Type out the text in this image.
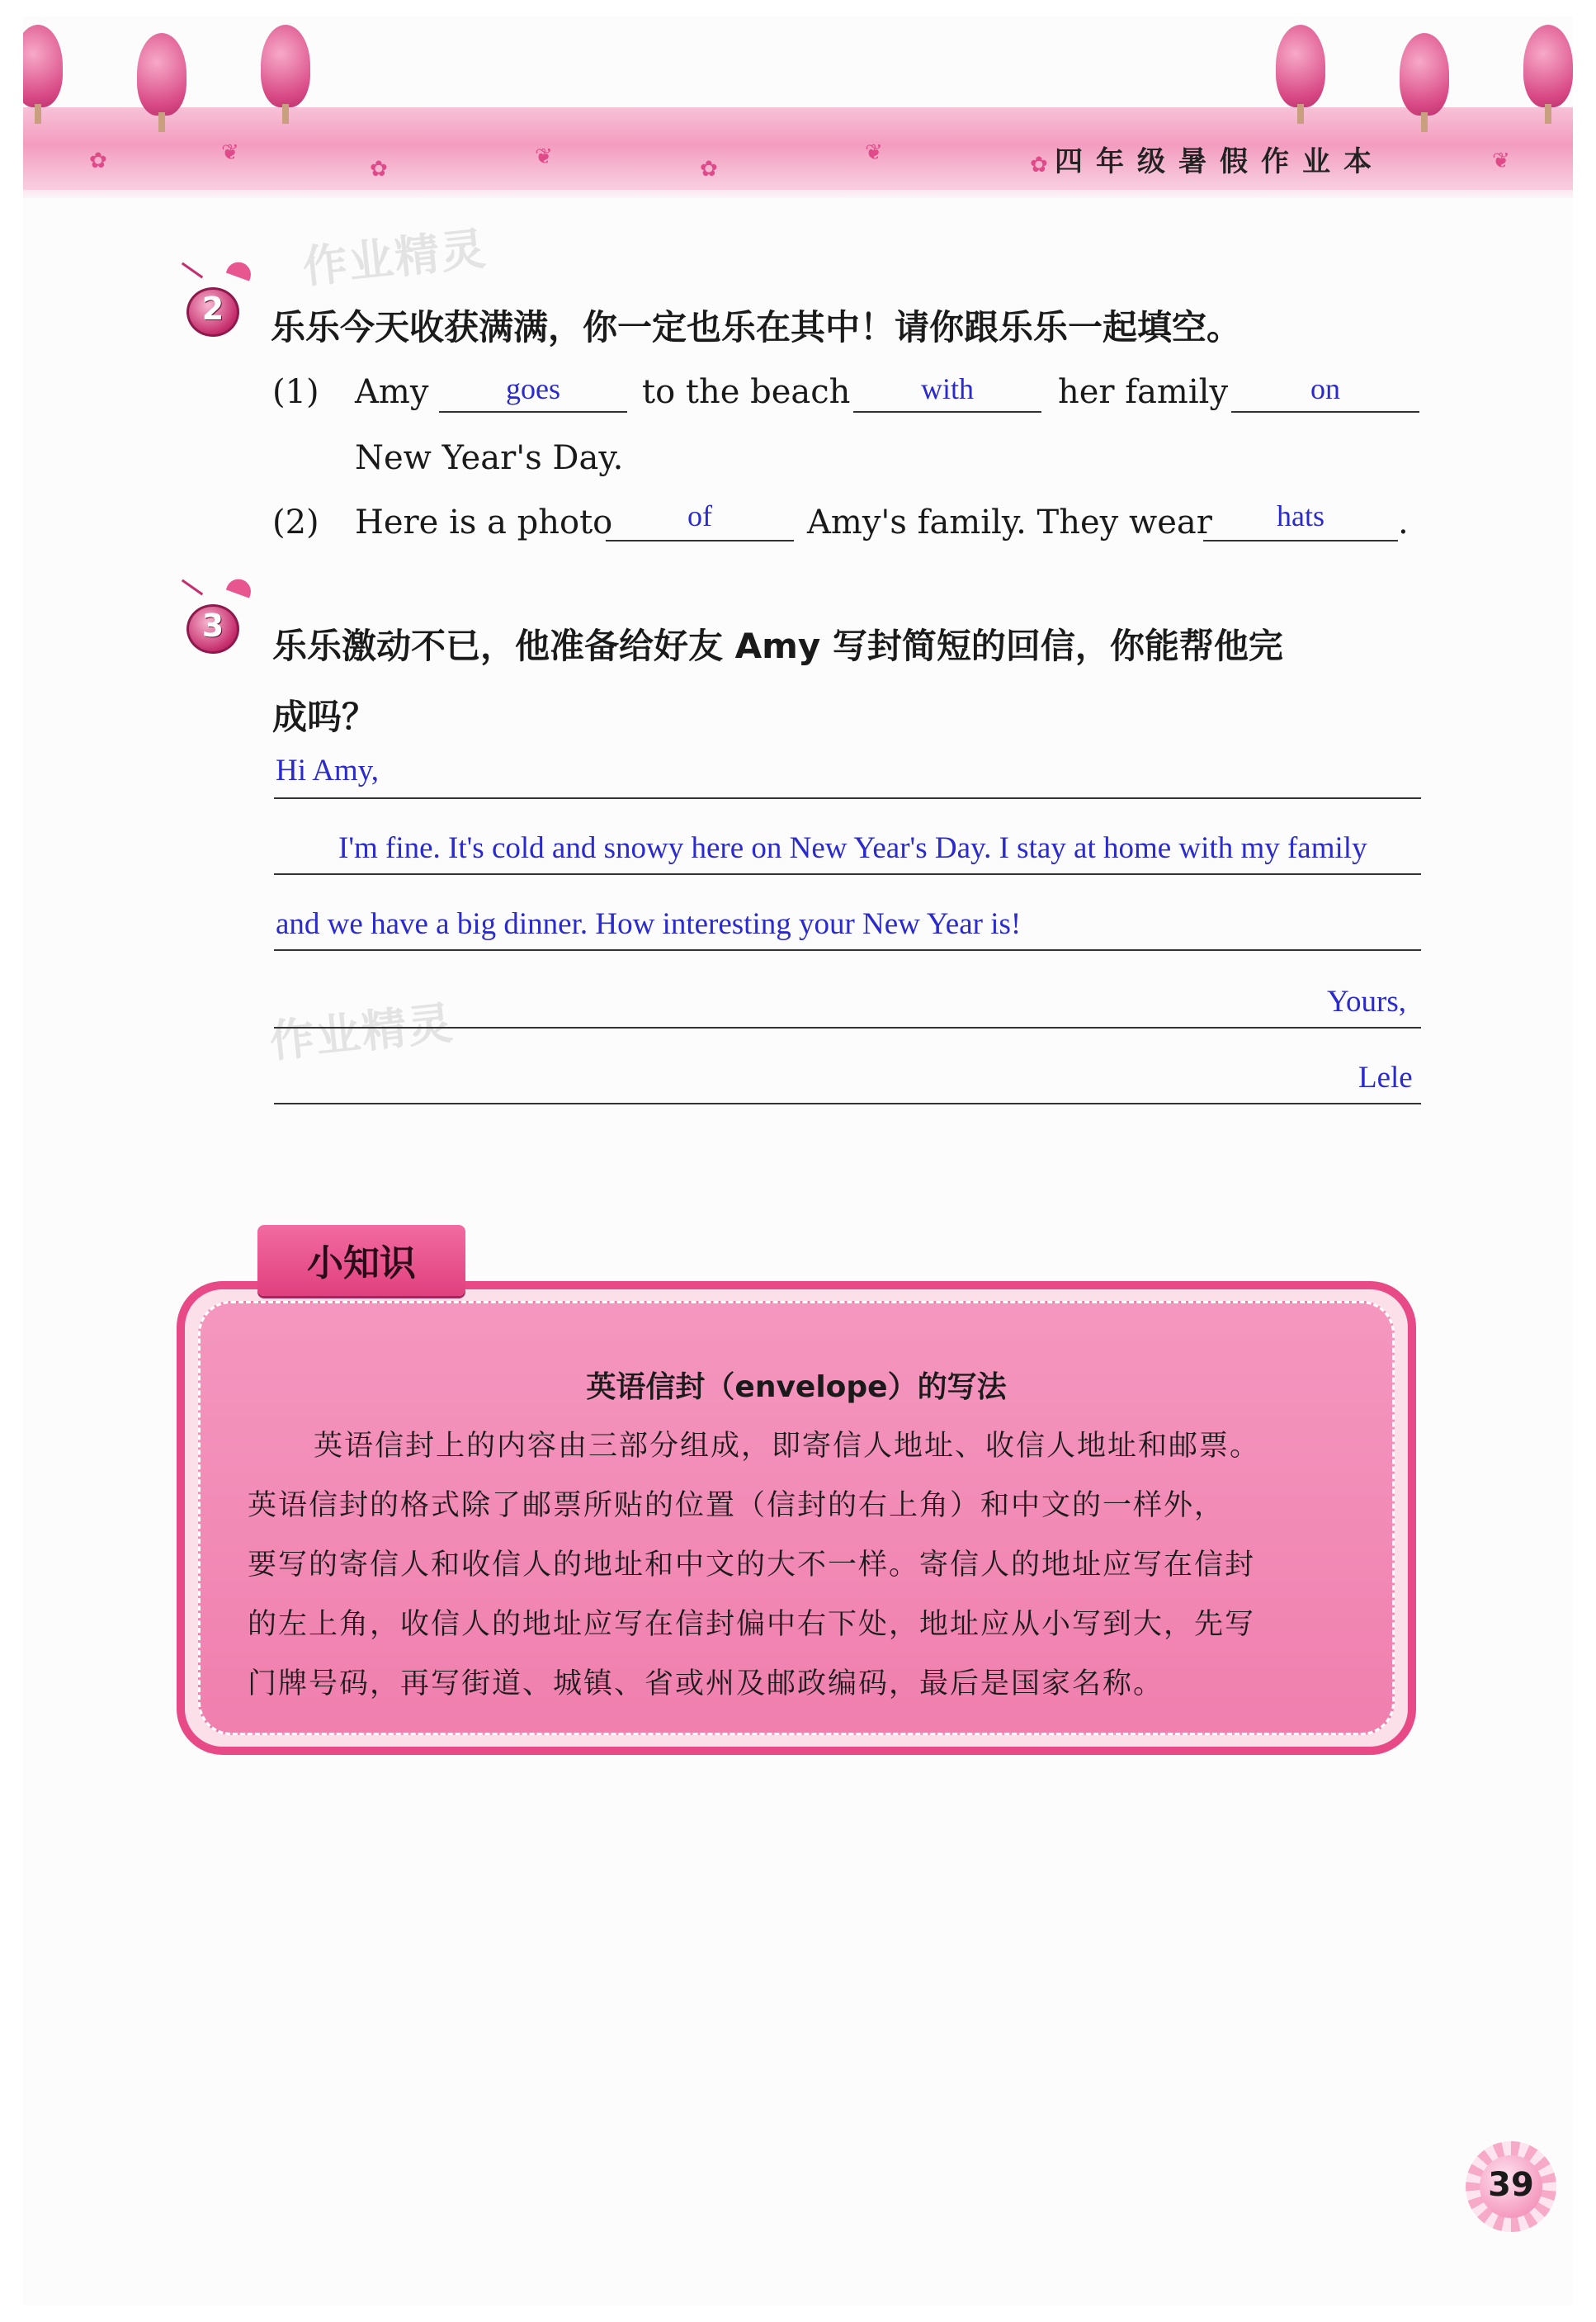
✿	❦
✿	❦	✿
❦	✿	❦
四年级暑假作业本
作业精灵
作业精灵
2	乐乐今天收获满满，你一定也乐在其中！请你跟乐乐一起填空。
(1) Amy	goes	to the beach	with	her family	on
New Year's Day.
(2) Here is a photo	of	Amy's family. They wear	hats	.
3	乐乐激动不已，他准备给好友 Amy 写封简短的回信，你能帮他完
成吗？
Hi Amy,
I'm fine. It's cold and snowy here on New Year's Day. I stay at home with my family
and we have a big dinner. How interesting your New Year is!
Yours,
Lele
小知识
英语信封（envelope）的写法
英语信封上的内容由三部分组成，即寄信人地址、收信人地址和邮票。
英语信封的格式除了邮票所贴的位置（信封的右上角）和中文的一样外，
要写的寄信人和收信人的地址和中文的大不一样。寄信人的地址应写在信封
的左上角，收信人的地址应写在信封偏中右下处，地址应从小写到大，先写
门牌号码，再写街道、城镇、省或州及邮政编码，最后是国家名称。
39
